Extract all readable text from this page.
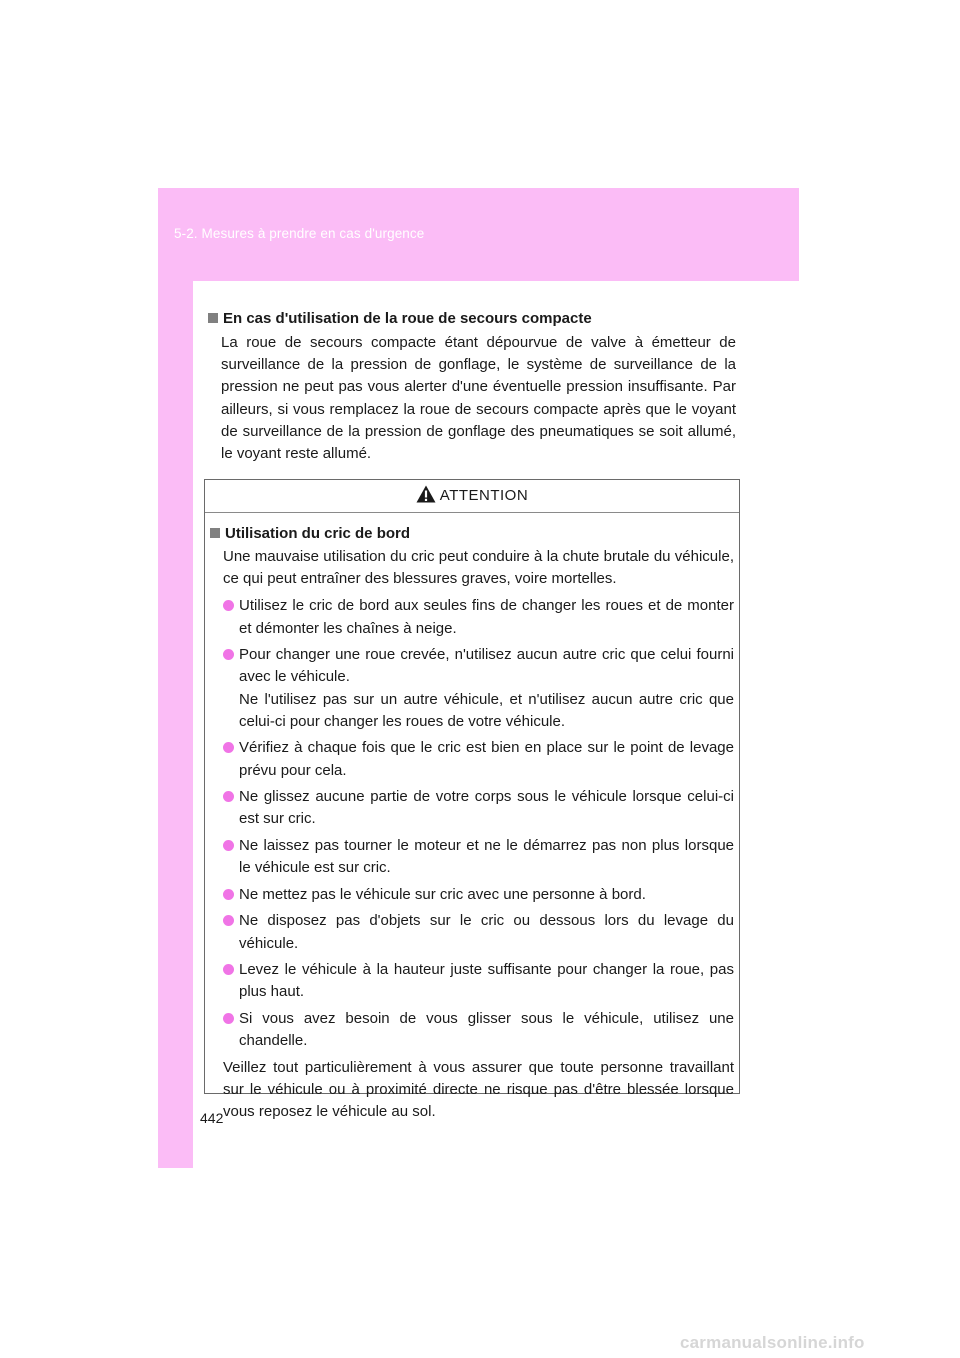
5-2. Mesures à prendre en cas d'urgence
En cas d'utilisation de la roue de secours compacte

La roue de secours compacte étant dépourvue de valve à émetteur de surveillance de la pression de gonflage, le système de surveillance de la pression ne peut pas vous alerter d'une éventuelle pression insuffisante. Par ailleurs, si vous remplacez la roue de secours compacte après que le voyant de surveillance de la pression de gonflage des pneumatiques se soit allumé, le voyant reste allumé.

ATTENTION
Utilisation du cric de bord

Une mauvaise utilisation du cric peut conduire à la chute brutale du véhicule, ce qui peut entraîner des blessures graves, voire mortelles.

Utilisez le cric de bord aux seules fins de changer les roues et de monter et démonter les chaînes à neige.
Pour changer une roue crevée, n'utilisez aucun autre cric que celui fourni avec le véhicule.
Ne l'utilisez pas sur un autre véhicule, et n'utilisez aucun autre cric que celui-ci pour changer les roues de votre véhicule.
Vérifiez à chaque fois que le cric est bien en place sur le point de levage prévu pour cela.
Ne glissez aucune partie de votre corps sous le véhicule lorsque celui-ci est sur cric.
Ne laissez pas tourner le moteur et ne le démarrez pas non plus lorsque le véhicule est sur cric.
Ne mettez pas le véhicule sur cric avec une personne à bord.
Ne disposez pas d'objets sur le cric ou dessous lors du levage du véhicule.
Levez le véhicule à la hauteur juste suffisante pour changer la roue, pas plus haut.
Si vous avez besoin de vous glisser sous le véhicule, utilisez une chandelle.

Veillez tout particulièrement à vous assurer que toute personne travaillant sur le véhicule ou à proximité directe ne risque pas d'être blessée lorsque vous reposez le véhicule au sol.

442
carmanualsonline.info
